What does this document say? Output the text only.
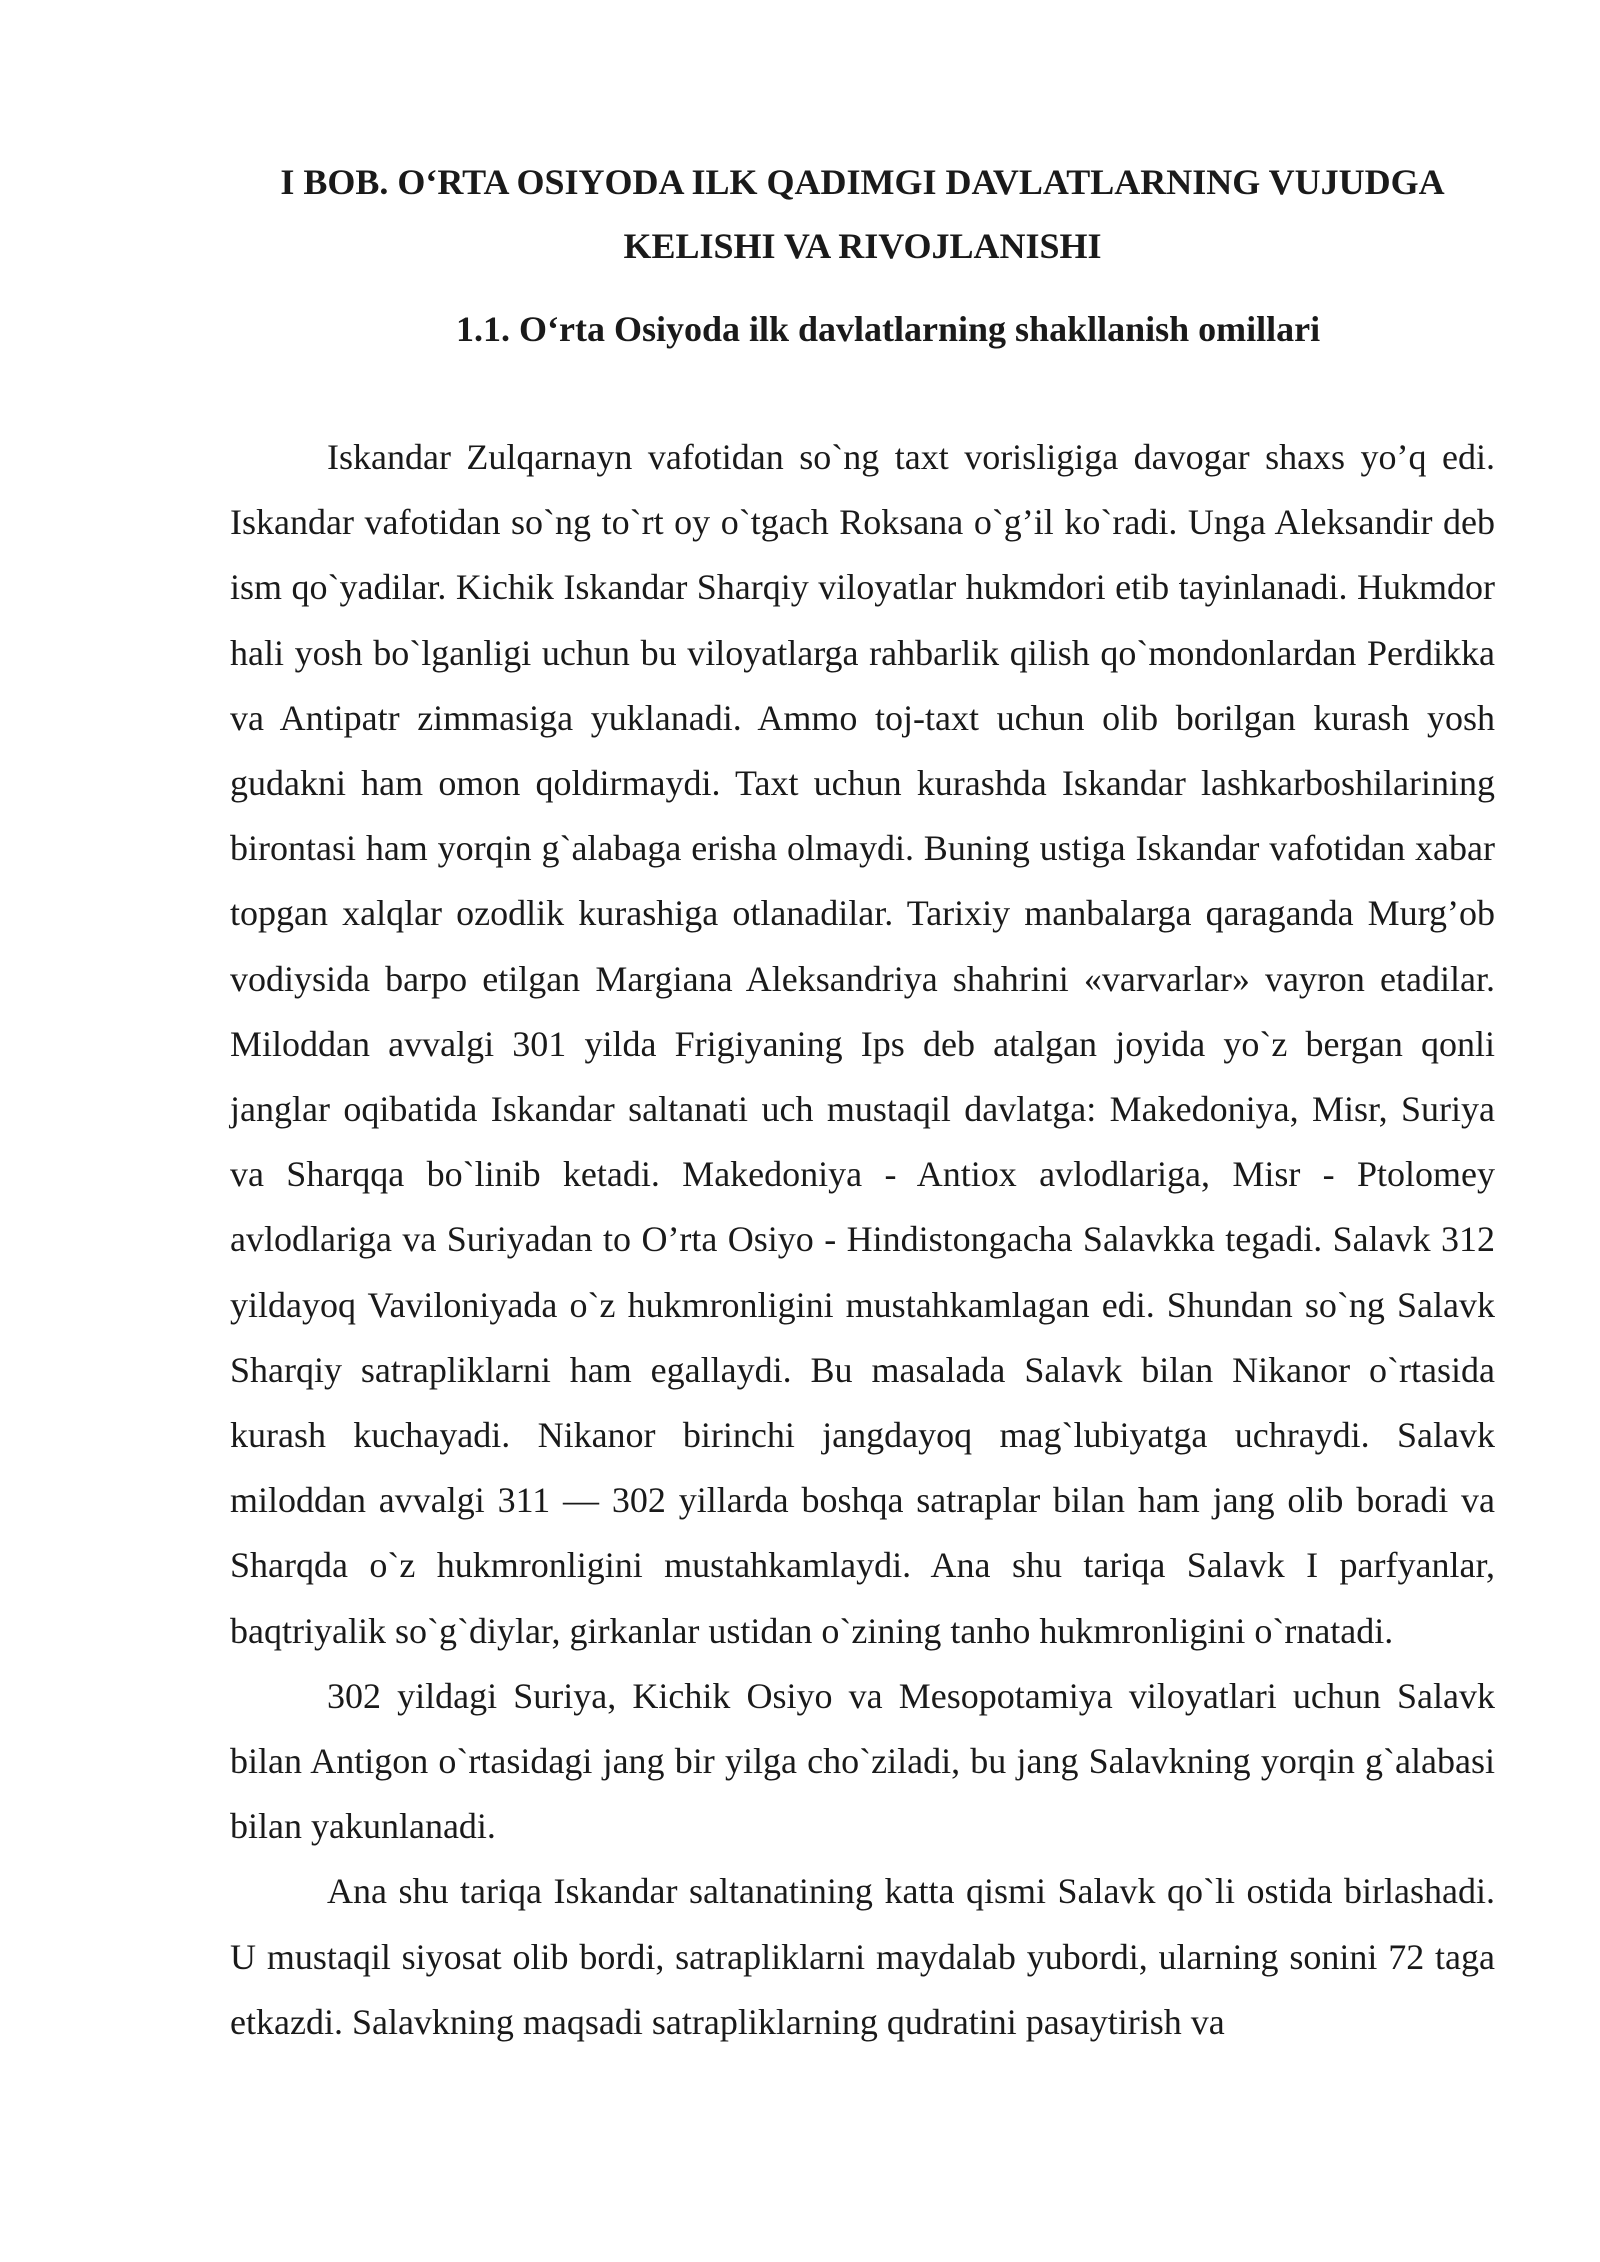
I BOB. O‘RTA OSIYODA ILK QADIMGI DAVLATLARNING VUJUDGA
KELISHI VA RIVOJLANISHI
1.1. O‘rta Osiyoda ilk davlatlarning shakllanish omillari

Iskandar Zulqarnayn vafotidan so`ng taxt vorisligiga davogar shaxs yo’q edi. Iskandar vafotidan so`ng to`rt oy o`tgach Roksana o`g’il ko`radi. Unga Aleksandir deb ism qo`yadilar. Kichik Iskandar Sharqiy viloyatlar hukmdori etib tayinlanadi. Hukmdor hali yosh bo`lganligi uchun bu viloyatlarga rahbarlik qilish qo`mondonlardan Perdikka va Antipatr zimmasiga yuklanadi. Ammo toj-taxt uchun olib borilgan kurash yosh gudakni ham omon qoldirmaydi. Taxt uchun kurashda Iskandar lashkarboshilarining birontasi ham yorqin g`alabaga erisha olmaydi. Buning ustiga Iskandar vafotidan xabar topgan xalqlar ozodlik kurashiga otlanadilar. Tarixiy manbalarga qaraganda Murg’ob vodiysida barpo etilgan Margiana Aleksandriya shahrini «varvarlar» vayron etadilar. Miloddan avvalgi 301 yilda Frigiyaning Ips deb atalgan joyida yo`z bergan qonli janglar oqibatida Iskandar saltanati uch mustaqil davlatga: Makedoniya, Misr, Suriya va Sharqqa bo`linib ketadi. Makedoniya - Antiox avlodlariga, Misr - Ptolomey avlodlariga va Suriyadan to O’rta Osiyo - Hindistongacha Salavkka tegadi. Salavk 312 yildayoq Vaviloniyada o`z hukmronligini mustahkamlagan edi. Shundan so`ng Salavk Sharqiy satrapliklarni ham egallaydi. Bu masalada Salavk bilan Nikanor o`rtasida kurash kuchayadi. Nikanor birinchi jangdayoq mag`lubiyatga uchraydi. Salavk miloddan avvalgi 311 — 302 yillarda boshqa satraplar bilan ham jang olib boradi va Sharqda o`z hukmronligini mustahkamlaydi. Ana shu tariqa Salavk I parfyanlar, baqtriyalik so`g`diylar, girkanlar ustidan o`zining tanho hukmronligini o`rnatadi.

302 yildagi Suriya, Kichik Osiyo va Mesopotamiya viloyatlari uchun Salavk bilan Antigon o`rtasidagi jang bir yilga cho`ziladi, bu jang Salavkning yorqin g`alabasi bilan yakunlanadi.

Ana shu tariqa Iskandar saltanatining katta qismi Salavk qo`li ostida birlashadi. U mustaqil siyosat olib bordi, satrapliklarni maydalab yubordi, ularning sonini 72 taga etkazdi. Salavkning maqsadi satrapliklarning qudratini pasaytirish va
